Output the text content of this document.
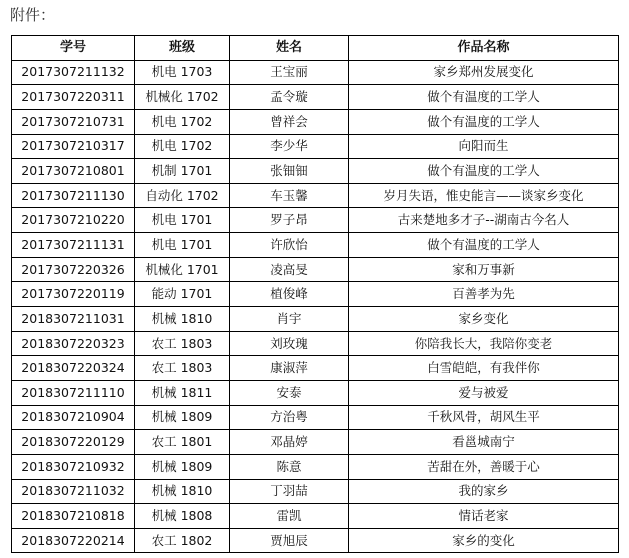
附件：
学号	班级	姓名	作品名称
2017307211132	机电 1703	王宝丽	家乡郑州发展变化
2017307220311	机械化 1702	孟令璇	做个有温度的工学人
2017307210731	机电 1702	曾祥会	做个有温度的工学人
2017307210317	机电 1702	李少华	向阳而生
2017307210801	机制 1701	张钿钿	做个有温度的工学人
2017307211130	自动化 1702	车玉馨	岁月失语，惟史能言——谈家乡变化
2017307210220	机电 1701	罗子昂	古来楚地多才子--湖南古今名人
2017307211131	机电 1701	许欣怡	做个有温度的工学人
2017307220326	机械化 1701	凌高旻	家和万事新
2017307220119	能动 1701	植俊峰	百善孝为先
2018307211031	机械 1810	肖宇	家乡变化
2018307220323	农工 1803	刘玫瑰	你陪我长大，我陪你变老
2018307220324	农工 1803	康淑萍	白雪皑皑，有我伴你
2018307211110	机械 1811	安泰	爱与被爱
2018307210904	机械 1809	方治粤	千秋风骨，胡风生平
2018307220129	农工 1801	邓晶婷	看邕城南宁
2018307210932	机械 1809	陈意	苦甜在外，善暖于心
2018307211032	机械 1810	丁羽喆	我的家乡
2018307210818	机械 1808	雷凯	情话老家
2018307220214	农工 1802	贾旭辰	家乡的变化
